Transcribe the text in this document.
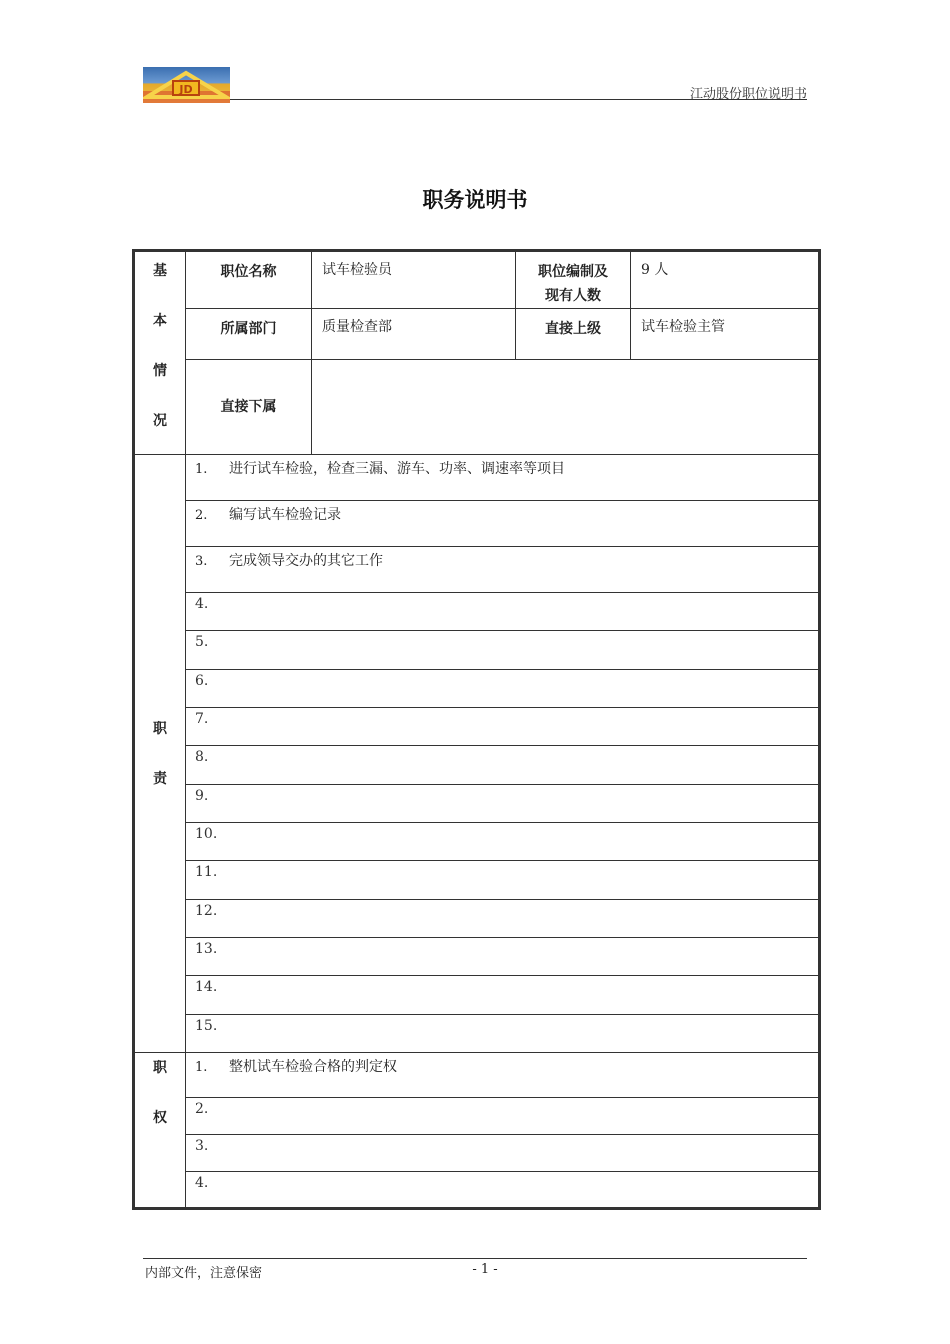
JD	江动股份职位说明书
职务说明书
基
本
情
况	职位名称	试车检验员	职位编制及
现有人数	9 人
	所属部门	质量检查部	直接上级	试车检验主管
	直接下属			

职
责	1. 进行试车检验，检查三漏、游车、功率、调速率等项目			
	2. 编写试车检验记录			
	3. 完成领导交办的其它工作			
	4.			
	5.			
	6.			
	7.			
	8.			
	9.			
	10.			
	11.			
	12.			
	13.			
	14.			
	15.			

职
权	1. 整机试车检验合格的判定权			
	2.			
	3.			
	4.			
内部文件，注意保密	- 1 -
